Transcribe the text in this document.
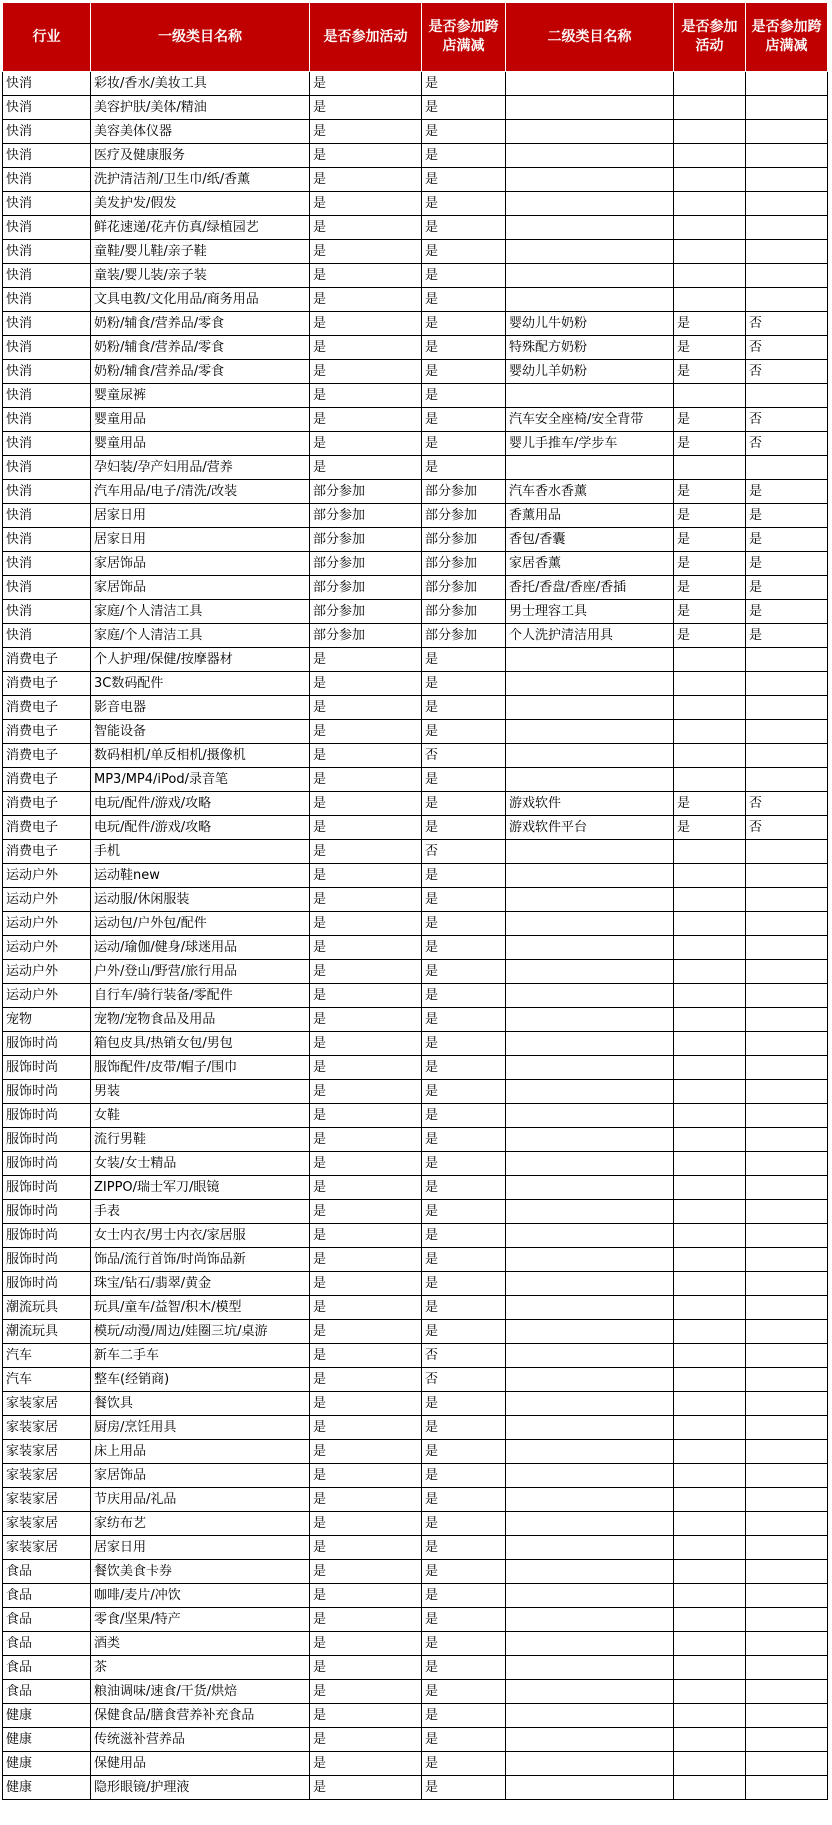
行业	一级类目名称	是否参加活动	是否参加跨店满减	二级类目名称	是否参加活动	是否参加跨店满减
快消	彩妆/香水/美妆工具	是	是			
快消	美容护肤/美体/精油	是	是			
快消	美容美体仪器	是	是			
快消	医疗及健康服务	是	是			
快消	洗护清洁剂/卫生巾/纸/香薰	是	是			
快消	美发护发/假发	是	是			
快消	鲜花速递/花卉仿真/绿植园艺	是	是			
快消	童鞋/婴儿鞋/亲子鞋	是	是			
快消	童装/婴儿装/亲子装	是	是			
快消	文具电教/文化用品/商务用品	是	是			
快消	奶粉/辅食/营养品/零食	是	是	婴幼儿牛奶粉	是	否
快消	奶粉/辅食/营养品/零食	是	是	特殊配方奶粉	是	否
快消	奶粉/辅食/营养品/零食	是	是	婴幼儿羊奶粉	是	否
快消	婴童尿裤	是	是			
快消	婴童用品	是	是	汽车安全座椅/安全背带	是	否
快消	婴童用品	是	是	婴儿手推车/学步车	是	否
快消	孕妇装/孕产妇用品/营养	是	是			
快消	汽车用品/电子/清洗/改装	部分参加	部分参加	汽车香水香薰	是	是
快消	居家日用	部分参加	部分参加	香薰用品	是	是
快消	居家日用	部分参加	部分参加	香包/香囊	是	是
快消	家居饰品	部分参加	部分参加	家居香薰	是	是
快消	家居饰品	部分参加	部分参加	香托/香盘/香座/香插	是	是
快消	家庭/个人清洁工具	部分参加	部分参加	男士理容工具	是	是
快消	家庭/个人清洁工具	部分参加	部分参加	个人洗护清洁用具	是	是
消费电子	个人护理/保健/按摩器材	是	是			
消费电子	3C数码配件	是	是			
消费电子	影音电器	是	是			
消费电子	智能设备	是	是			
消费电子	数码相机/单反相机/摄像机	是	否			
消费电子	MP3/MP4/iPod/录音笔	是	是			
消费电子	电玩/配件/游戏/攻略	是	是	游戏软件	是	否
消费电子	电玩/配件/游戏/攻略	是	是	游戏软件平台	是	否
消费电子	手机	是	否			
运动户外	运动鞋new	是	是			
运动户外	运动服/休闲服装	是	是			
运动户外	运动包/户外包/配件	是	是			
运动户外	运动/瑜伽/健身/球迷用品	是	是			
运动户外	户外/登山/野营/旅行用品	是	是			
运动户外	自行车/骑行装备/零配件	是	是			
宠物	宠物/宠物食品及用品	是	是			
服饰时尚	箱包皮具/热销女包/男包	是	是			
服饰时尚	服饰配件/皮带/帽子/围巾	是	是			
服饰时尚	男装	是	是			
服饰时尚	女鞋	是	是			
服饰时尚	流行男鞋	是	是			
服饰时尚	女装/女士精品	是	是			
服饰时尚	ZIPPO/瑞士军刀/眼镜	是	是			
服饰时尚	手表	是	是			
服饰时尚	女士内衣/男士内衣/家居服	是	是			
服饰时尚	饰品/流行首饰/时尚饰品新	是	是			
服饰时尚	珠宝/钻石/翡翠/黄金	是	是			
潮流玩具	玩具/童车/益智/积木/模型	是	是			
潮流玩具	模玩/动漫/周边/娃圈三坑/桌游	是	是			
汽车	新车二手车	是	否			
汽车	整车(经销商)	是	否			
家装家居	餐饮具	是	是			
家装家居	厨房/烹饪用具	是	是			
家装家居	床上用品	是	是			
家装家居	家居饰品	是	是			
家装家居	节庆用品/礼品	是	是			
家装家居	家纺布艺	是	是			
家装家居	居家日用	是	是			
食品	餐饮美食卡券	是	是			
食品	咖啡/麦片/冲饮	是	是			
食品	零食/坚果/特产	是	是			
食品	酒类	是	是			
食品	茶	是	是			
食品	粮油调味/速食/干货/烘焙	是	是			
健康	保健食品/膳食营养补充食品	是	是			
健康	传统滋补营养品	是	是			
健康	保健用品	是	是			
健康	隐形眼镜/护理液	是	是			
